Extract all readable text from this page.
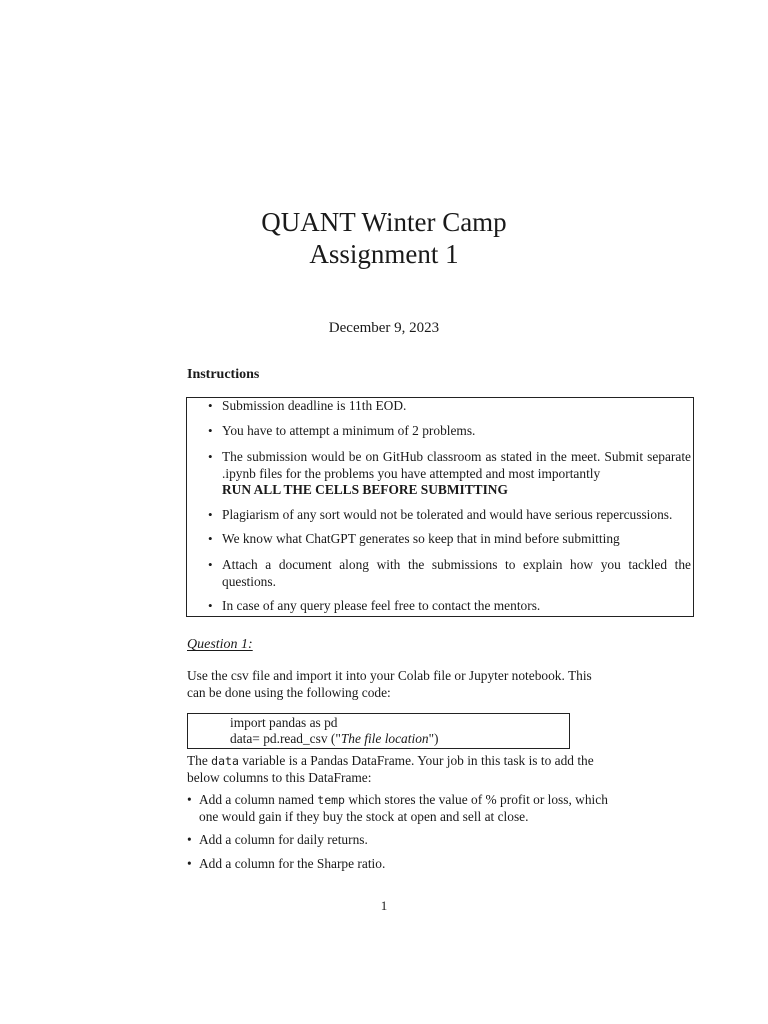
QUANT Winter Camp
Assignment 1
December 9, 2023
Instructions
• Submission deadline is 11th EOD.
• You have to attempt a minimum of 2 problems.
• The submission would be on GitHub classroom as stated in the meet. Submit separate .ipynb files for the problems you have attempted and most importantly
RUN ALL THE CELLS BEFORE SUBMITTING
• Plagiarism of any sort would not be tolerated and would have serious repercussions.
• We know what ChatGPT generates so keep that in mind before submitting
• Attach a document along with the submissions to explain how you tackled the questions.
• In case of any query please feel free to contact the mentors.
Question 1:
Use the csv file and import it into your Colab file or Jupyter notebook. This can be done using the following code:
import pandas as pd
data= pd.read_csv ("The file location")
The data variable is a Pandas DataFrame. Your job in this task is to add the below columns to this DataFrame:
• Add a column named temp which stores the value of % profit or loss, which one would gain if they buy the stock at open and sell at close.
• Add a column for daily returns.
• Add a column for the Sharpe ratio.
1
